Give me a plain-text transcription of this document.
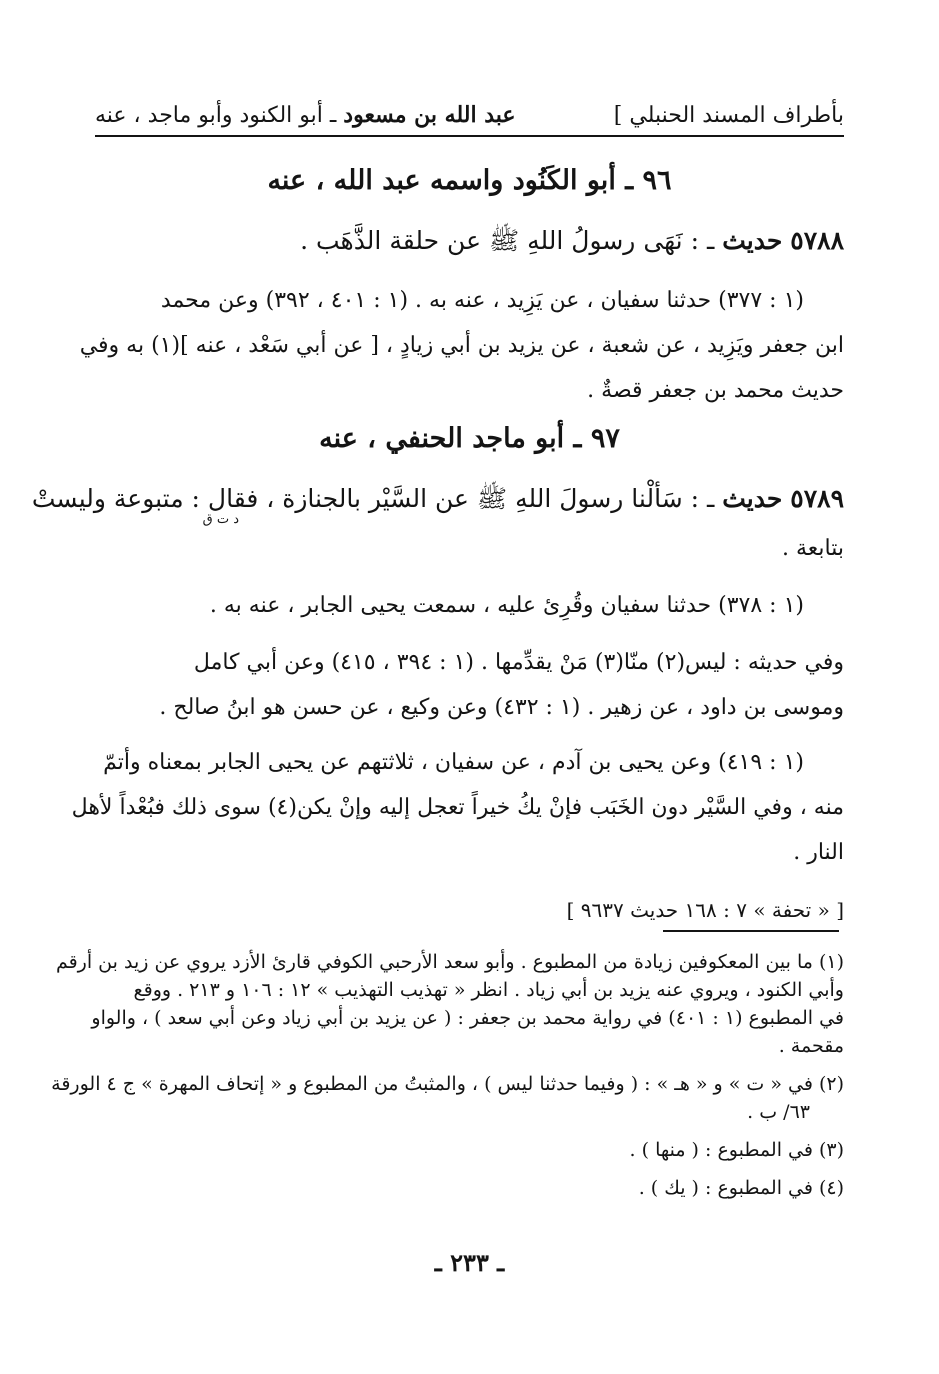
بأطراف المسند الحنبلي ]
عبد الله بن مسعود ـ أبو الكنود وأبو ماجد ، عنه
٩٦ ـ أبو الكَنُود واسمه عبد الله ، عنه
٥٧٨٨ حديث ـ : نَهَى رسولُ اللهِ ﷺ عن حلقة الذَّهَب .
(١ : ٣٧٧) حدثنا سفيان ، عن يَزِيد ، عنه به . (١ : ٤٠١ ، ٣٩٢) وعن محمد
ابن جعفر ويَزِيد ، عن شعبة ، عن يزيد بن أبي زيادٍ ، [ عن أبي سَعْد ، عنه ](١) به وفي
حديث محمد بن جعفر قصةٌ .
٩٧ ـ أبو ماجد الحنفي ، عنه
٥٧٨٩ حديث ـ : سَألْنا رسولَ اللهِ ﷺ عن السَّيْر بالجنازة ، فقال : متبوعة وليستْ
د ت ق
بتابعة .
(١ : ٣٧٨) حدثنا سفيان وقُرِئ عليه ، سمعت يحيى الجابر ، عنه به .
وفي حديثه : ليس(٢) منّا(٣) مَنْ يقدِّمها . (١ : ٣٩٤ ، ٤١٥) وعن أبي كامل
وموسى بن داود ، عن زهير . (١ : ٤٣٢) وعن وكيع ، عن حسن هو ابنُ صالح .
(١ : ٤١٩) وعن يحيى بن آدم ، عن سفيان ، ثلاثتهم عن يحيى الجابر بمعناه وأتمّ
منه ، وفي السَّيْر دون الخَبَب فإنْ يكُ خيراً تعجل إليه وإنْ يكن(٤) سوى ذلك فبُعْداً لأهل
النار .
[ « تحفة » ٧ : ١٦٨ حديث ٩٦٣٧ ]
(١)ما بين المعكوفين زيادة من المطبوع . وأبو سعد الأرحبي الكوفي قارئ الأزد يروي عن زيد بن أرقم
وأبي الكنود ، ويروي عنه يزيد بن أبي زياد . انظر « تهذيب التهذيب » ١٢ : ١٠٦ و ٢١٣ . ووقع
في المطبوع (١ : ٤٠١) في رواية محمد بن جعفر : ( عن يزيد بن أبي زياد وعن أبي سعد ) ، والواو
مقحمة .
(٢)في « ت » و « هـ » : ( وفيما حدثنا ليس ) ، والمثبتُ من المطبوع و « إتحاف المهرة » ج ٤ الورقة
٦٣/ ب .
(٣)في المطبوع : ( منها ) .
(٤)في المطبوع : ( يك ) .
ـ ٢٣٣ ـ
